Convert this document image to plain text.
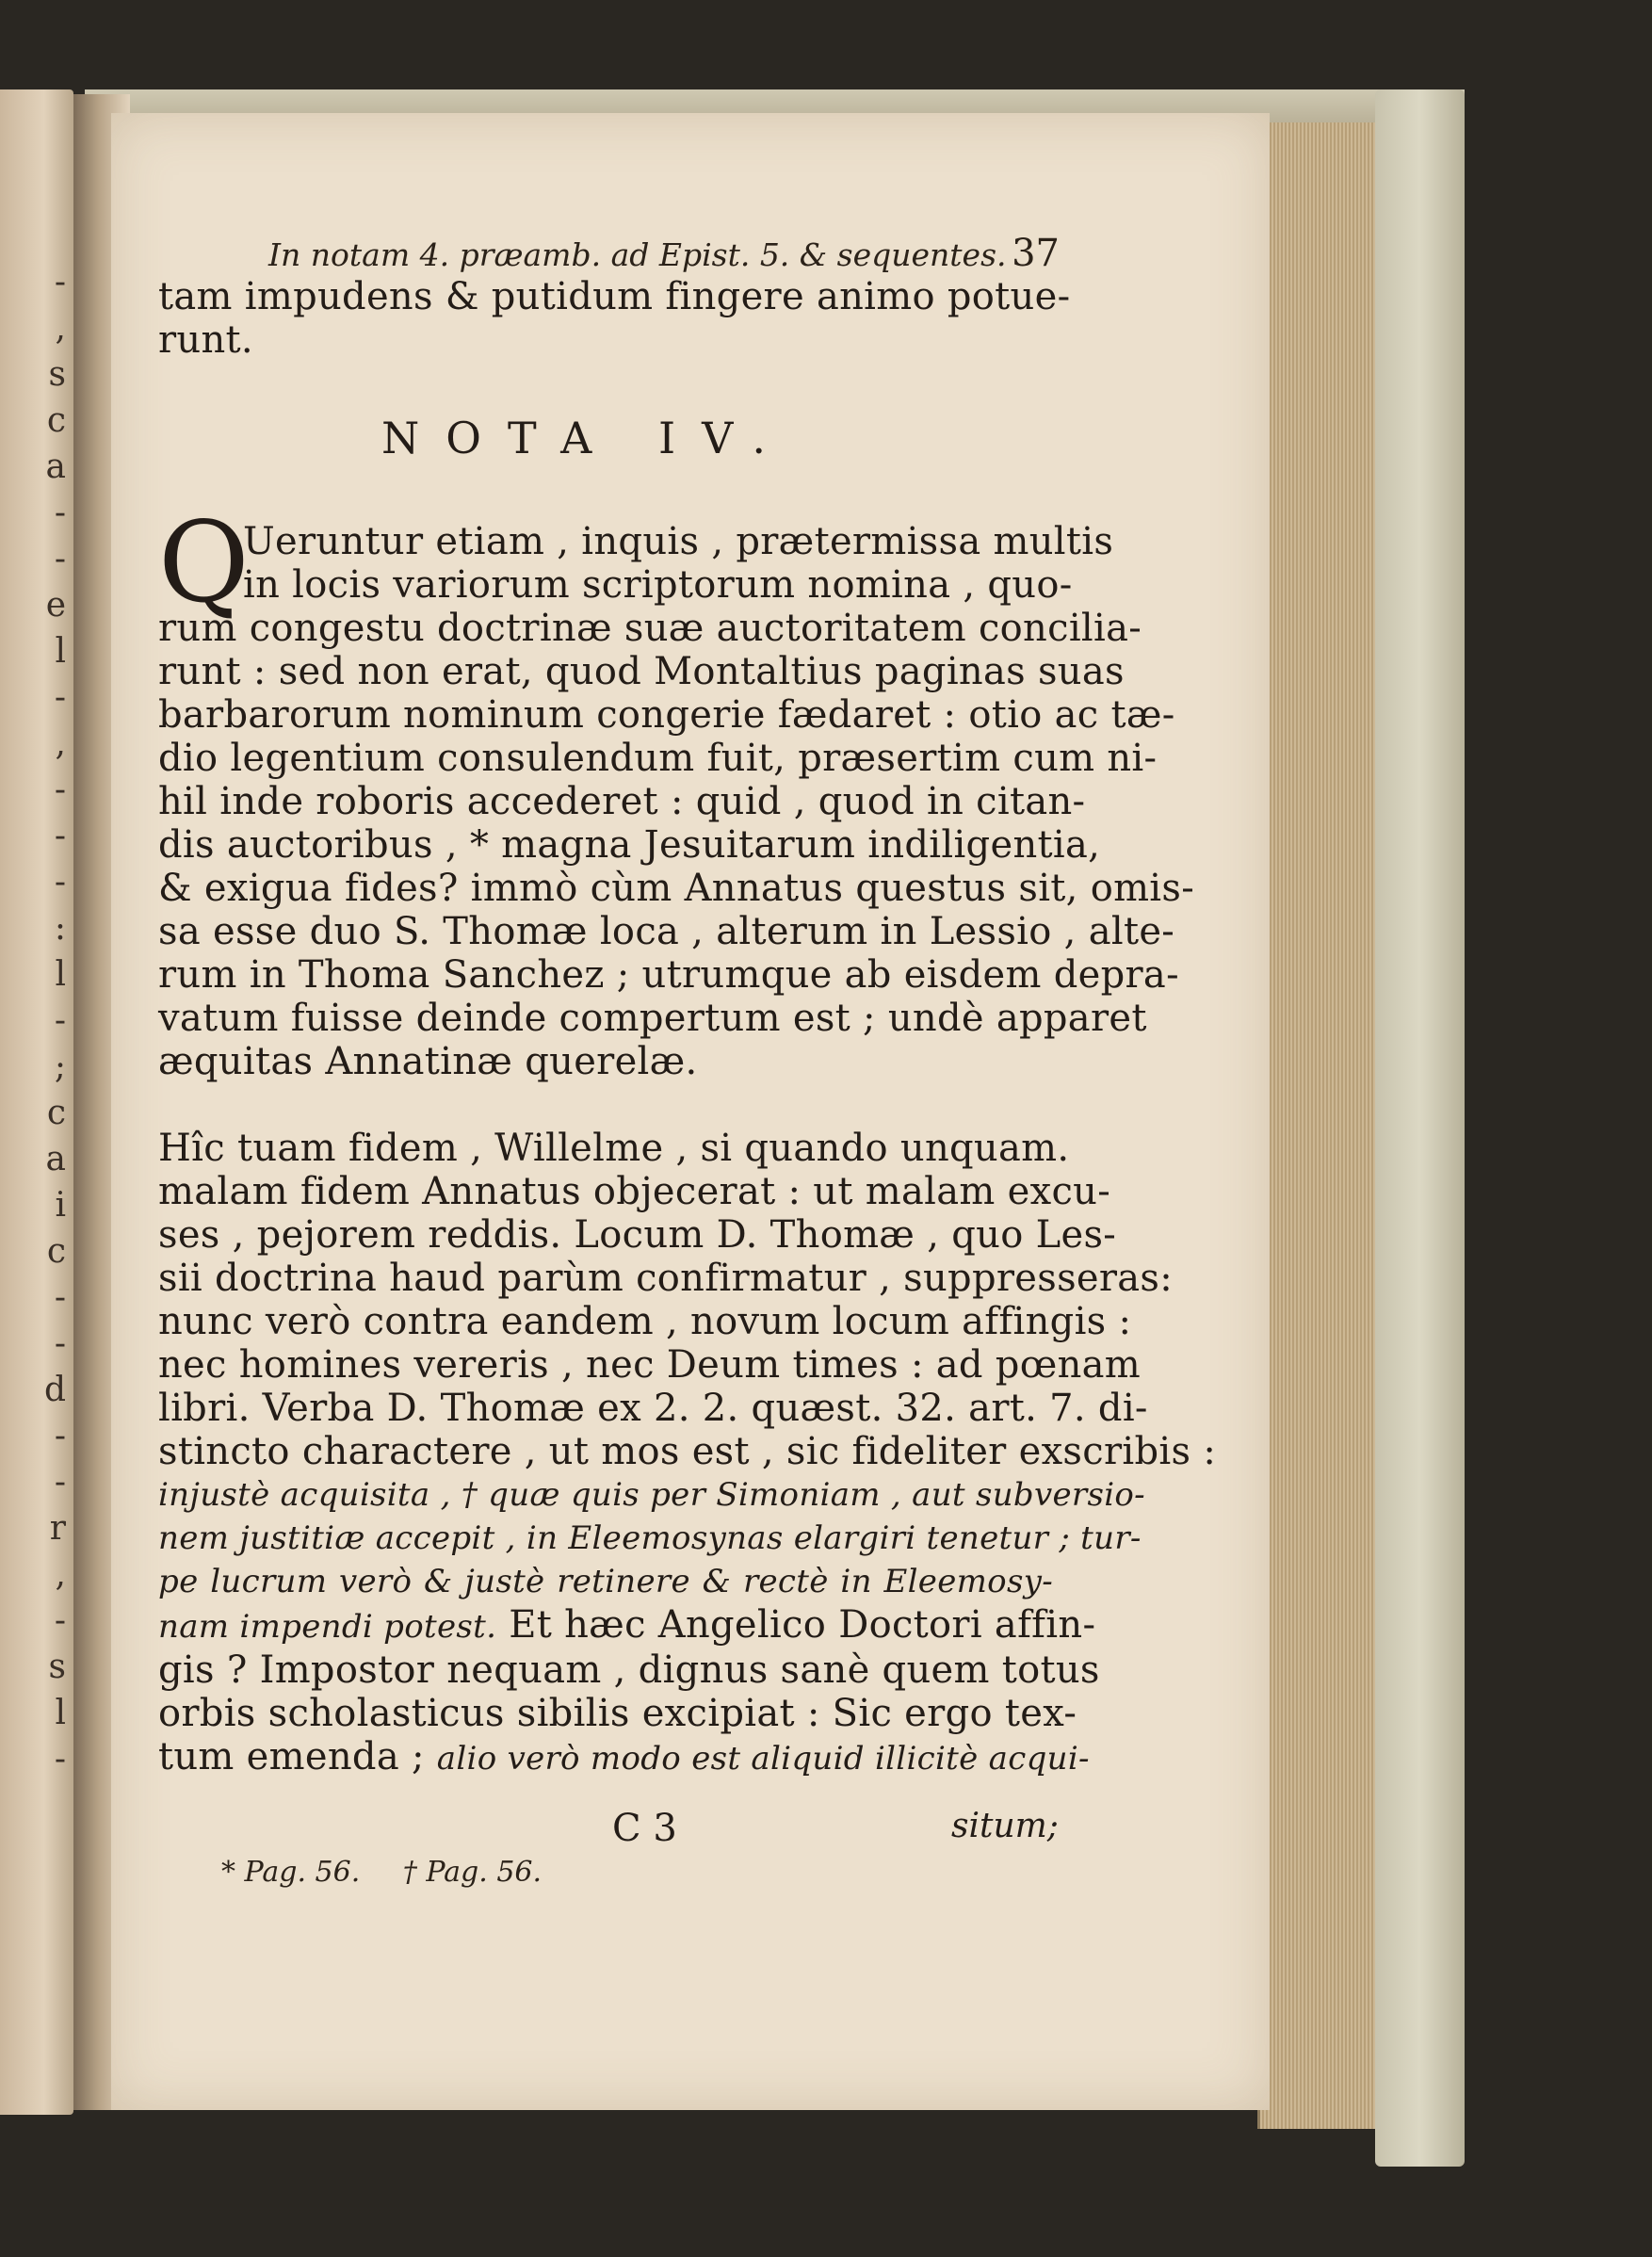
-
,
s
c
a
-
-
e
l
-
,
-
-
-
:
l
-
;
c
a
i
c
-
-
d
-
-
r
,
-
s
l
-
In notam 4. præamb. ad Epist. 5. & sequentes. 37
tam impudens & putidum fingere animo potue-
runt.
NOTA IV.
Q
Ueruntur etiam , inquis , prætermissa multis
in locis variorum scriptorum nomina , quo-
rum congestu doctrinæ suæ auctoritatem concilia-
runt : sed non erat, quod Montaltius paginas suas
barbarorum nominum congerie fædaret : otio ac tæ-
dio legentium consulendum fuit, præsertim cum ni-
hil inde roboris accederet : quid , quod in citan-
dis auctoribus , * magna Jesuitarum indiligentia,
& exigua fides? immò cùm Annatus questus sit, omis-
sa esse duo S. Thomæ loca , alterum in Lessio , alte-
rum in Thoma Sanchez ; utrumque ab eisdem depra-
vatum fuisse deinde compertum est ; undè apparet
æquitas Annatinæ querelæ.
Hîc tuam fidem , Willelme , si quando unquam.
malam fidem Annatus objecerat : ut malam excu-
ses , pejorem reddis. Locum D. Thomæ , quo Les-
sii doctrina haud parùm confirmatur , suppresseras:
nunc verò contra eandem , novum locum affingis :
nec homines vereris , nec Deum times : ad pœnam
libri. Verba D. Thomæ ex 2. 2. quæst. 32. art. 7. di-
stincto charactere , ut mos est , sic fideliter exscribis :
injustè acquisita , † quæ quis per Simoniam , aut subversio-
nem justitiæ accepit , in Eleemosynas elargiri tenetur ; tur-
pe lucrum verò & justè retinere & rectè in Eleemosy-
nam impendi potest. Et hæc Angelico Doctori affin-
gis ? Impostor nequam , dignus sanè quem totus
orbis scholasticus sibilis excipiat : Sic ergo tex-
tum emenda ; alio verò modo est aliquid illicitè acqui-
C 3	situm;
* Pag. 56. † Pag. 56.
